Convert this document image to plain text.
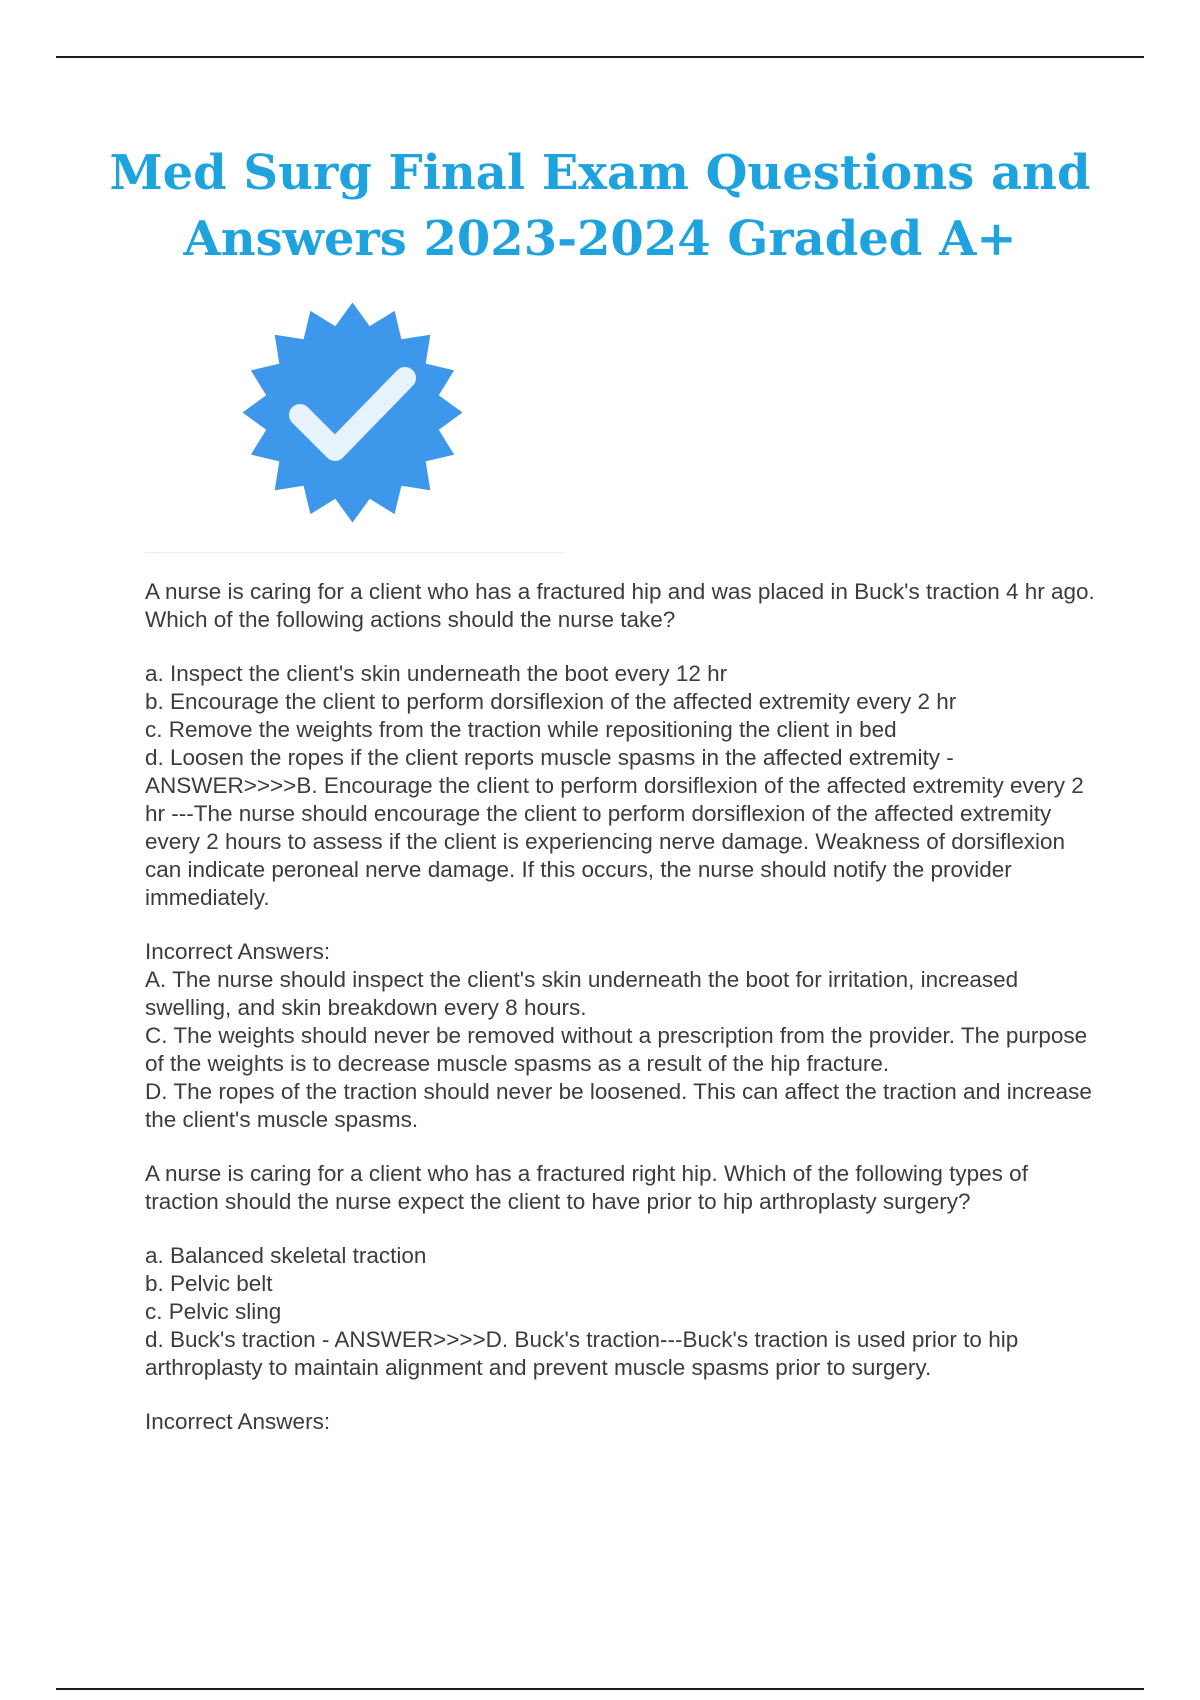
Med Surg Final Exam Questions and Answers 2023-2024 Graded A+

A nurse is caring for a client who has a fractured hip and was placed in Buck's traction 4 hr ago. Which of the following actions should the nurse take?

a. Inspect the client's skin underneath the boot every 12 hr

b. Encourage the client to perform dorsiflexion of the affected extremity every 2 hr

c. Remove the weights from the traction while repositioning the client in bed

d. Loosen the ropes if the client reports muscle spasms in the affected extremity - ANSWER>>>>B. Encourage the client to perform dorsiflexion of the affected extremity every 2 hr ---The nurse should encourage the client to perform dorsiflexion of the affected extremity every 2 hours to assess if the client is experiencing nerve damage. Weakness of dorsiflexion can indicate peroneal nerve damage. If this occurs, the nurse should notify the provider immediately.

Incorrect Answers:

A. The nurse should inspect the client's skin underneath the boot for irritation, increased swelling, and skin breakdown every 8 hours.

C. The weights should never be removed without a prescription from the provider. The purpose of the weights is to decrease muscle spasms as a result of the hip fracture.

D. The ropes of the traction should never be loosened. This can affect the traction and increase the client's muscle spasms.

A nurse is caring for a client who has a fractured right hip. Which of the following types of traction should the nurse expect the client to have prior to hip arthroplasty surgery?

a. Balanced skeletal traction

b. Pelvic belt

c. Pelvic sling

d. Buck's traction - ANSWER>>>>D. Buck's traction---Buck's traction is used prior to hip arthroplasty to maintain alignment and prevent muscle spasms prior to surgery.

Incorrect Answers:
